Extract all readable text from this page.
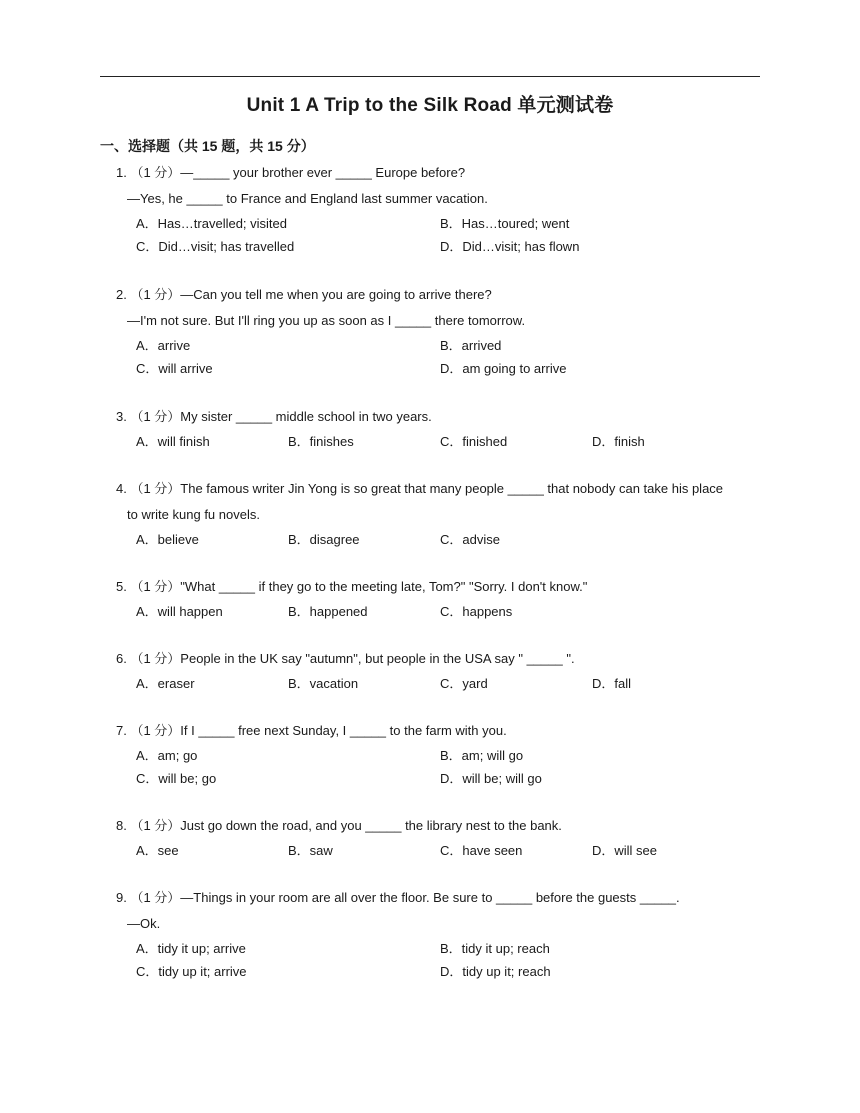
Unit 1 A Trip to the Silk Road 单元测试卷
一、选择题（共 15 题，共 15 分）
1. （1 分）—_____ your brother ever _____ Europe before?
—Yes, he _____ to France and England last summer vacation.
A．Has…travelled; visited	B．Has…toured; went
C．Did…visit; has travelled	D．Did…visit; has flown
2. （1 分）—Can you tell me when you are going to arrive there?
—I'm not sure. But I'll ring you up as soon as I _____ there tomorrow.
A．arrive	B．arrived
C．will arrive	D．am going to arrive
3. （1 分）My sister _____ middle school in two years.
A．will finish	B．finishes	C．finished	D．finish
4. （1 分）The famous writer Jin Yong is so great that many people _____ that nobody can take his place
to write kung fu novels.
A．believe	B．disagree	C．advise
5. （1 分）"What _____ if they go to the meeting late, Tom?" "Sorry. I don't know."
A．will happen	B．happened	C．happens
6. （1 分）People in the UK say "autumn", but people in the USA say " _____ ".
A．eraser	B．vacation	C．yard	D．fall
7. （1 分）If I _____ free next Sunday, I _____ to the farm with you.
A．am; go	B．am; will go
C．will be; go	D．will be; will go
8. （1 分）Just go down the road, and you _____ the library nest to the bank.
A．see	B．saw	C．have seen	D．will see
9. （1 分）—Things in your room are all over the floor. Be sure to _____ before the guests _____.
—Ok.
A．tidy it up; arrive	B．tidy it up; reach
C．tidy up it; arrive	D．tidy up it; reach
